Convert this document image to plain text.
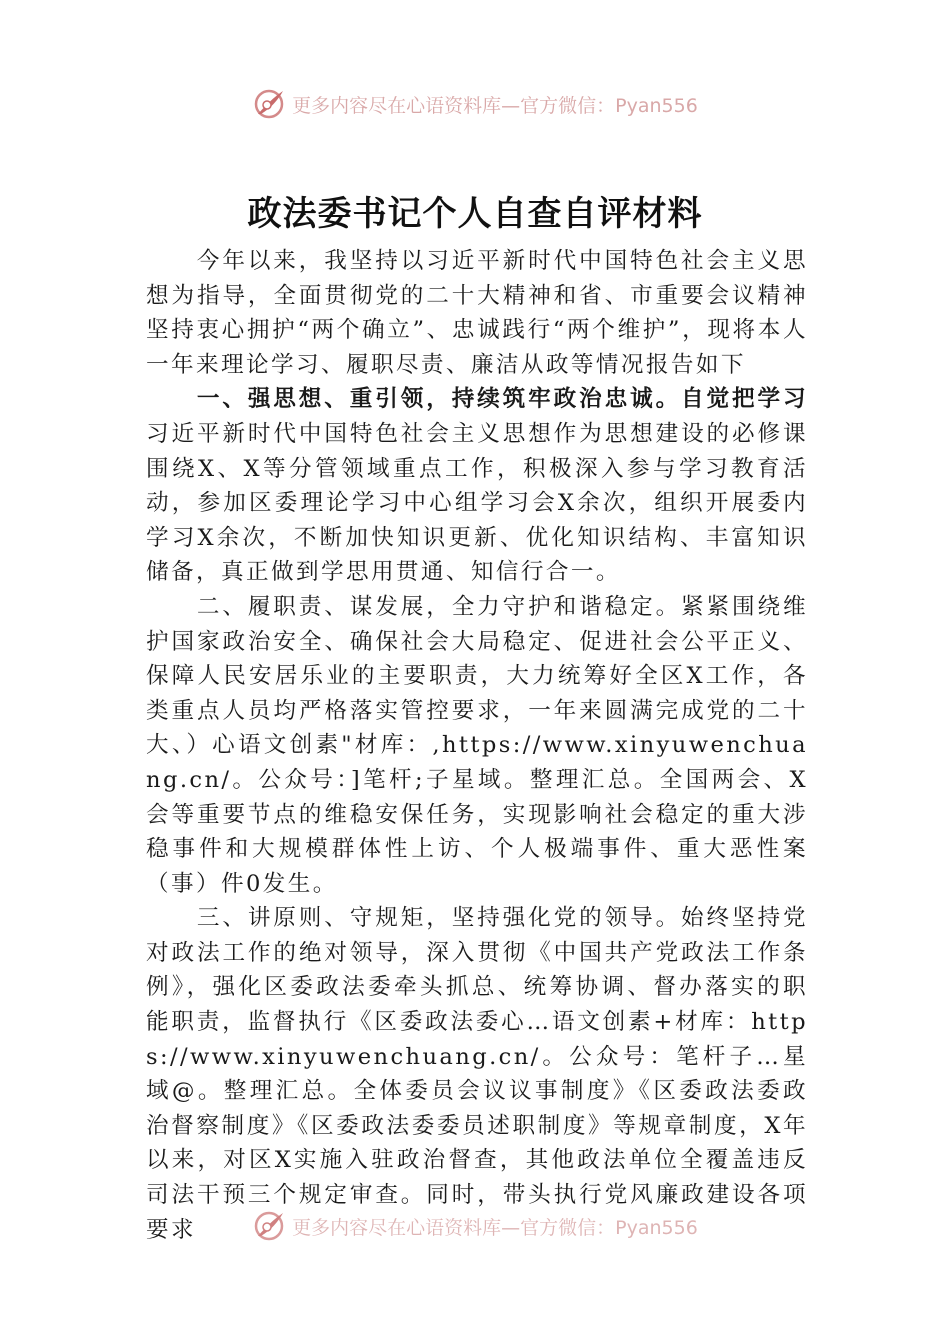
更多内容尽在心语资料库—官方微信：Pyan556
政法委书记个人自查自评材料

今年以来，我坚持以习近平新时代中国特色社会主义思想为指导，全面贯彻党的二十大精神和省、市重要会议精神坚持衷心拥护“两个确立”、忠诚践行“两个维护”，现将本人一年来理论学习、履职尽责、廉洁从政等情况报告如下

一、强思想、重引领，持续筑牢政治忠诚。自觉把学习习近平新时代中国特色社会主义思想作为思想建设的必修课围绕X、X等分管领域重点工作，积极深入参与学习教育活动，参加区委理论学习中心组学习会X余次，组织开展委内学习X余次，不断加快知识更新、优化知识结构、丰富知识储备，真正做到学思用贯通、知信行合一。

二、履职责、谋发展，全力守护和谐稳定。紧紧围绕维护国家政治安全、确保社会大局稳定、促进社会公平正义、保障人民安居乐业的主要职责，大力统筹好全区X工作，各类重点人员均严格落实管控要求，一年来圆满完成党的二十大、）心语文创素"材库：,https://www.xinyuwenchuang.cn/。公众号：]笔杆;子星域。整理汇总。全国两会、X会等重要节点的维稳安保任务，实现影响社会稳定的重大涉稳事件和大规模群体性上访、个人极端事件、重大恶性案（事）件0发生。

三、讲原则、守规矩，坚持强化党的领导。始终坚持党对政法工作的绝对领导，深入贯彻《中国共产党政法工作条例》，强化区委政法委牵头抓总、统筹协调、督办落实的职能职责，监督执行《区委政法委心…语文创素+材库：https://www.xinyuwenchuang.cn/。公众号：笔杆子…星域@。整理汇总。全体委员会议议事制度》《区委政法委政治督察制度》《区委政法委委员述职制度》等规章制度，X年以来，对区X实施入驻政治督查，其他政法单位全覆盖违反司法干预三个规定审查。同时，带头执行党风廉政建设各项要求	更多内容尽在心语资料库—官方微信：Pyan556
